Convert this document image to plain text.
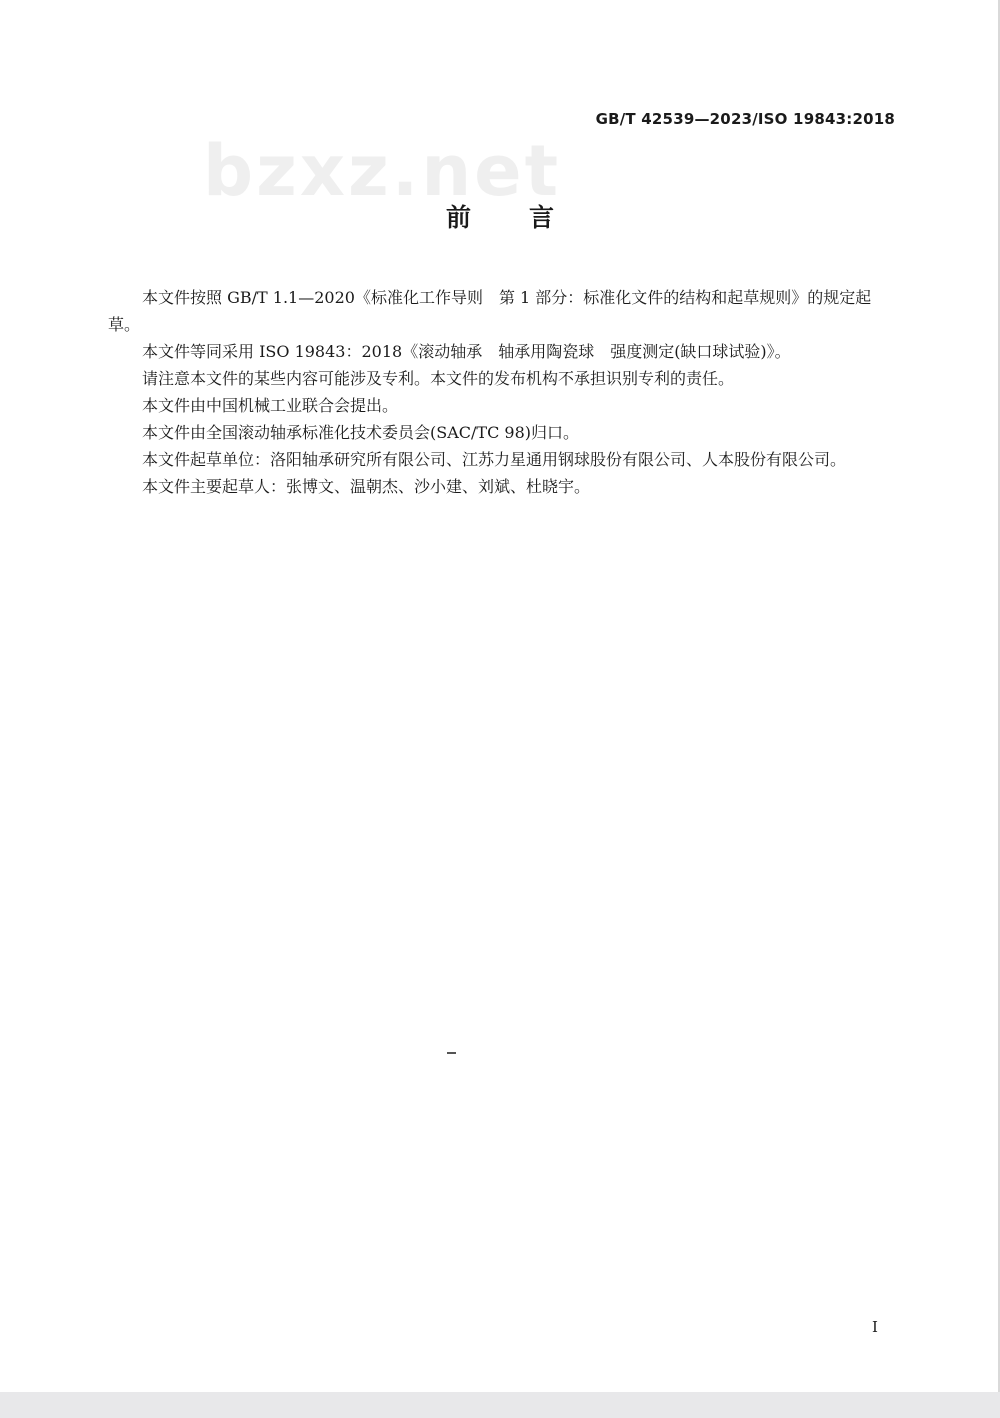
bzxz.net
GB/T 42539—2023/ISO 19843:2018
前言

本文件按照 GB/T 1.1—2020《标准化工作导则　第 1 部分：标准化文件的结构和起草规则》的规定起草。

本文件等同采用 ISO 19843：2018《滚动轴承　轴承用陶瓷球　强度测定(缺口球试验)》。

请注意本文件的某些内容可能涉及专利。本文件的发布机构不承担识别专利的责任。

本文件由中国机械工业联合会提出。

本文件由全国滚动轴承标准化技术委员会(SAC/TC 98)归口。

本文件起草单位：洛阳轴承研究所有限公司、江苏力星通用钢球股份有限公司、人本股份有限公司。

本文件主要起草人：张博文、温朝杰、沙小建、刘斌、杜晓宇。

I
